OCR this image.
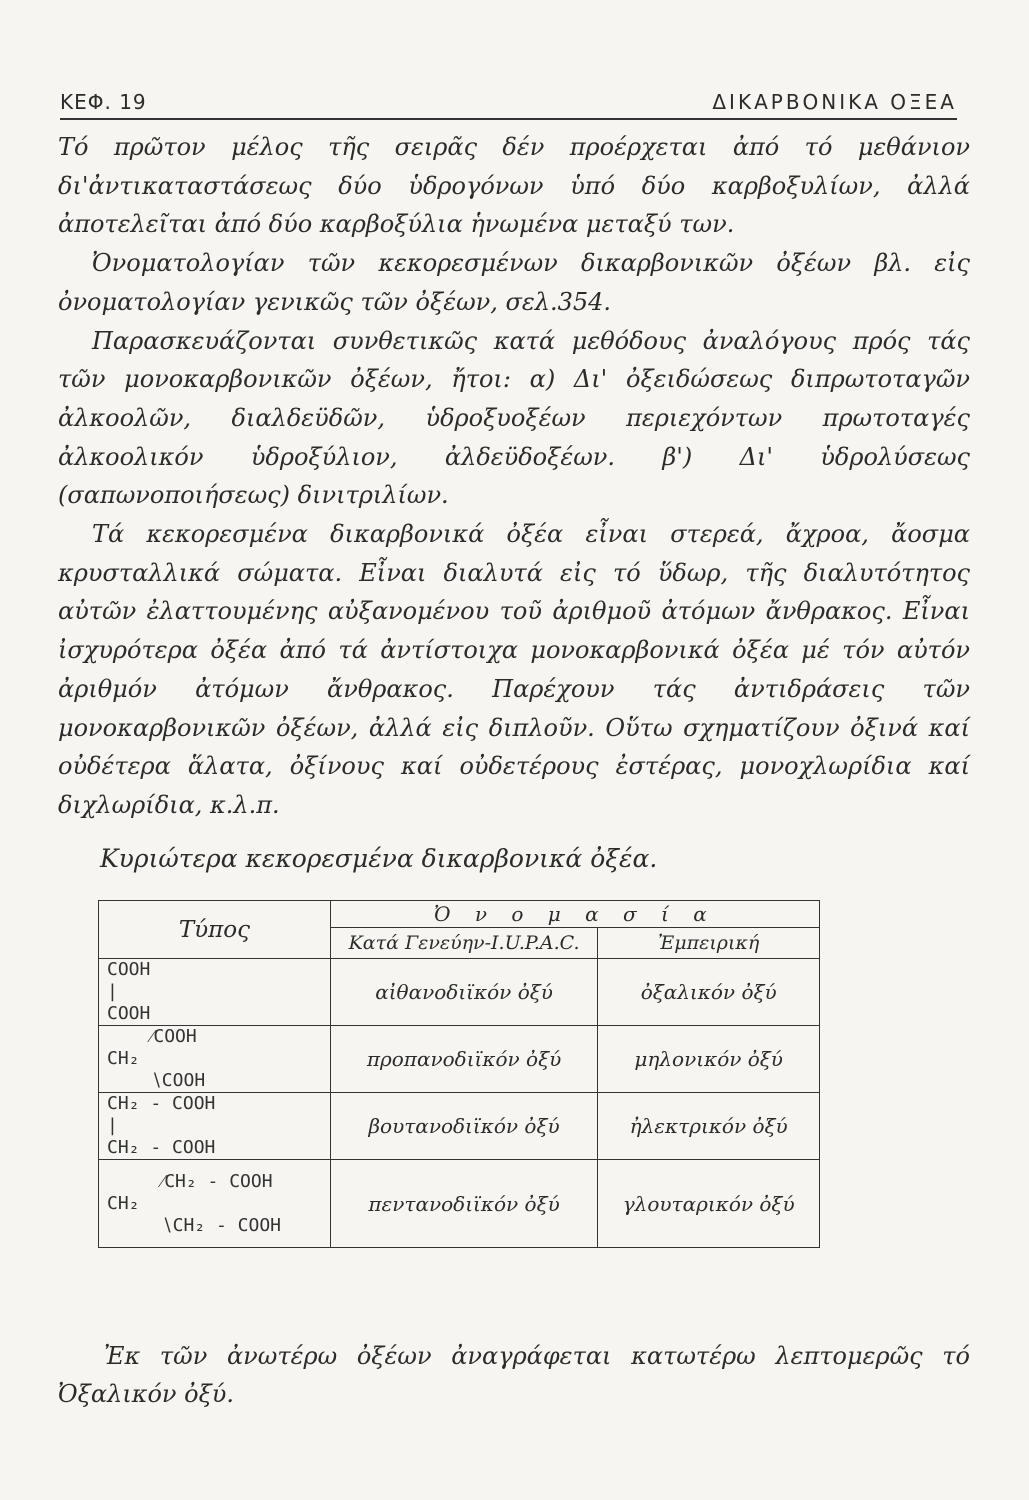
ΚΕΦ. 19	ΔΙΚΑΡΒΟΝΙΚΑ ΟΞΕΑ

Τό πρῶτον μέλος τῆς σειρᾶς δέν προέρχεται ἀπό τό μεθάνιον δι'ἀντικαταστάσεως δύο ὑδρογόνων ὑπό δύο καρβοξυλίων, ἀλλά ἀποτελεῖται ἀπό δύο καρβοξύλια ἡνωμένα μεταξύ των.

Ὀνοματολογίαν τῶν κεκορεσμένων δικαρβονικῶν ὀξέων βλ. εἰς ὀνοματολογίαν γενικῶς τῶν ὀξέων, σελ.354.

Παρασκευάζονται συνθετικῶς κατά μεθόδους ἀναλόγους πρός τάς τῶν μονοκαρβονικῶν ὀξέων, ἤτοι: α) Δι' ὀξειδώσεως διπρωτοταγῶν ἀλκοολῶν, διαλδεϋδῶν, ὑδροξυοξέων περιεχόντων πρωτοταγές ἀλκοολικόν ὑδροξύλιον, ἀλδεϋδοξέων. β') Δι' ὑδρολύσεως (σαπωνοποιήσεως) δινιτριλίων.

Τά κεκορεσμένα δικαρβονικά ὀξέα εἶναι στερεά, ἄχροα, ἄοσμα κρυσταλλικά σώματα. Εἶναι διαλυτά εἰς τό ὕδωρ, τῆς διαλυτότητος αὐτῶν ἐλαττουμένης αὐξανομένου τοῦ ἀριθμοῦ ἀτόμων ἄνθρακος. Εἶναι ἰσχυρότερα ὀξέα ἀπό τά ἀντίστοιχα μονοκαρβονικά ὀξέα μέ τόν αὐτόν ἀριθμόν ἀτόμων ἄνθρακος. Παρέχουν τάς ἀντιδράσεις τῶν μονοκαρβονικῶν ὀξέων, ἀλλά εἰς διπλοῦν. Οὕτω σχηματίζουν ὀξινά καί οὐδέτερα ἅλατα, ὀξίνους καί οὐδετέρους ἐστέρας, μονοχλωρίδια καί διχλωρίδια, κ.λ.π.

Κυριώτερα κεκορεσμένα δικαρβονικά ὀξέα.
Τύπος	Ὀ ν ο μ α σ ί α	
	Κατά Γενεύην-I.U.P.A.C.	Ἐμπειρική
COOH
|
COOH	αἰθανοδιϊκόν ὀξύ	ὀξαλικόν ὀξύ
⁄COOH
CH₂
∖COOH	προπανοδιϊκόν ὀξύ	μηλονικόν ὀξύ
CH₂ - COOH
|
CH₂ - COOH	βουτανοδιϊκόν ὀξύ	ἠλεκτρικόν ὀξύ
⁄CH₂ - COOH
CH₂
∖CH₂ - COOH	πεντανοδιϊκόν ὀξύ	γλουταρικόν ὀξύ

Ἐκ τῶν ἀνωτέρω ὀξέων ἀναγράφεται κατωτέρω λεπτομερῶς τό Ὀξαλικόν ὀξύ.
